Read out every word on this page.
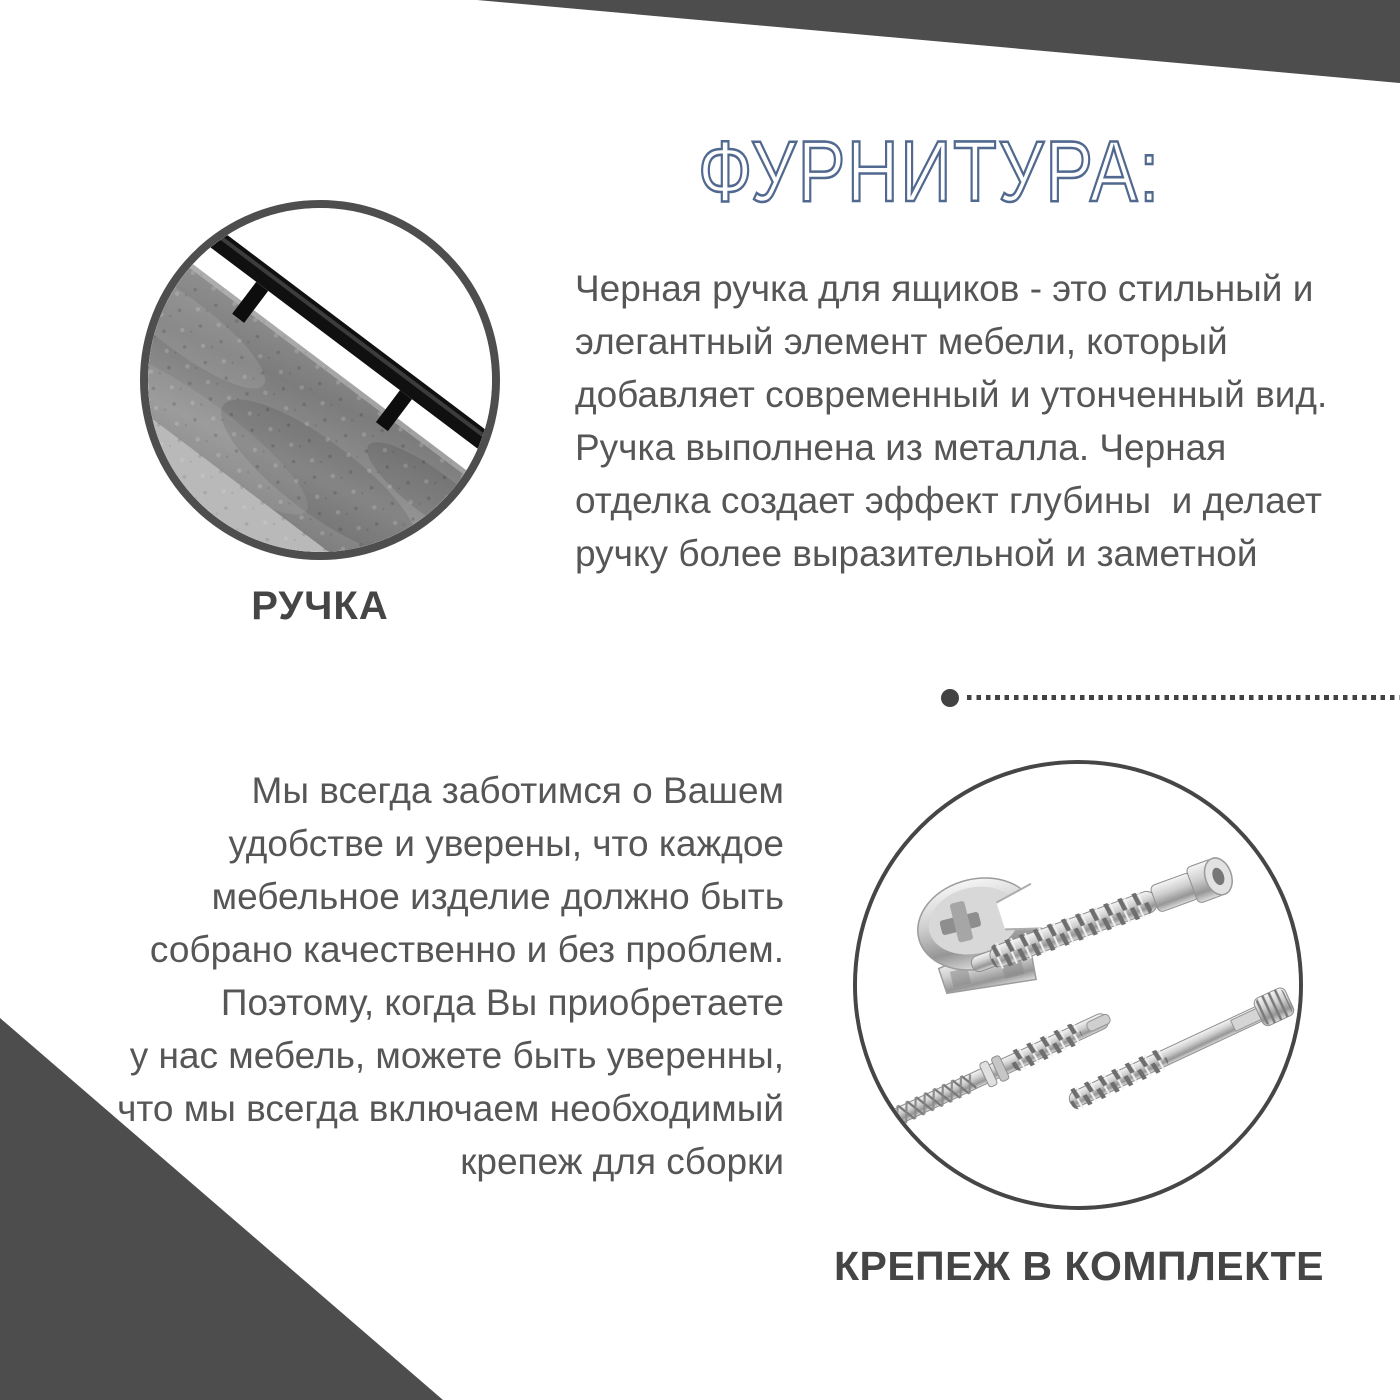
ФУРНИТУРА:
РУЧКА
Черная ручка для ящиков - это стильный и
элегантный элемент мебели, который
добавляет современный и утонченный вид.
Ручка выполнена из металла. Черная
отделка создает эффект глубины  и делает
ручку более выразительной и заметной
Мы всегда заботимся о Вашем
удобстве и уверены, что каждое
мебельное изделие должно быть
собрано качественно и без проблем.
Поэтому, когда Вы приобретаете
у нас мебель, можете быть уверенны,
что мы всегда включаем необходимый
крепеж для сборки
КРЕПЕЖ В КОМПЛЕКТЕ
